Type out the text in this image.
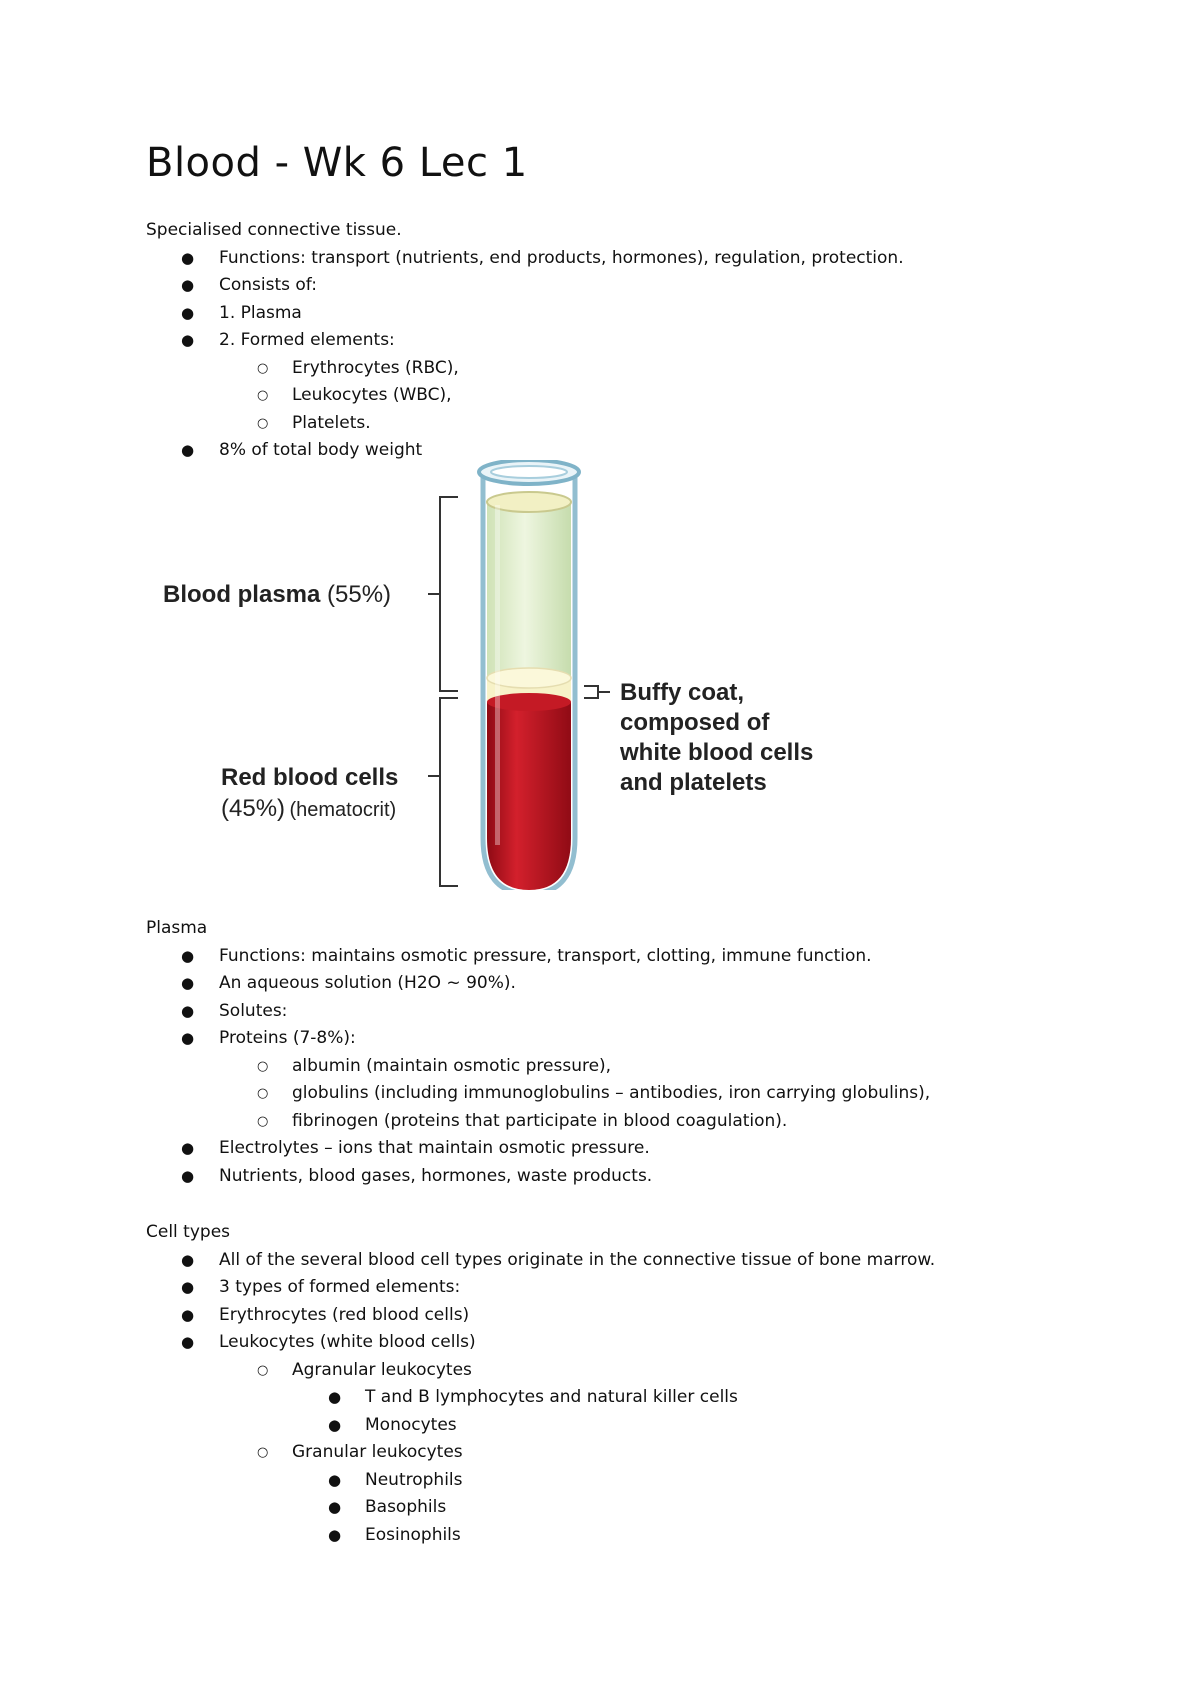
Blood - Wk 6 Lec 1

Specialised connective tissue.

● Functions: transport (nutrients, end products, hormones), regulation, protection.
● Consists of:
● 1. Plasma
● 2. Formed elements:
○ Erythrocytes (RBC),
○ Leukocytes (WBC),
○ Platelets.
● 8% of total body weight
Blood plasma (55%)
Red blood cells
(45%) (hematocrit)
Buffy coat,
composed of
white blood cells
and platelets

Plasma

● Functions: maintains osmotic pressure, transport, clotting, immune function.
● An aqueous solution (H2O ~ 90%).
● Solutes:
● Proteins (7-8%):
○ albumin (maintain osmotic pressure),
○ globulins (including immunoglobulins – antibodies, iron carrying globulins),
○ fibrinogen (proteins that participate in blood coagulation).
● Electrolytes – ions that maintain osmotic pressure.
● Nutrients, blood gases, hormones, waste products.

Cell types

● All of the several blood cell types originate in the connective tissue of bone marrow.
● 3 types of formed elements:
● Erythrocytes (red blood cells)
● Leukocytes (white blood cells)
○ Agranular leukocytes
● T and B lymphocytes and natural killer cells
● Monocytes
○ Granular leukocytes
● Neutrophils
● Basophils
● Eosinophils
